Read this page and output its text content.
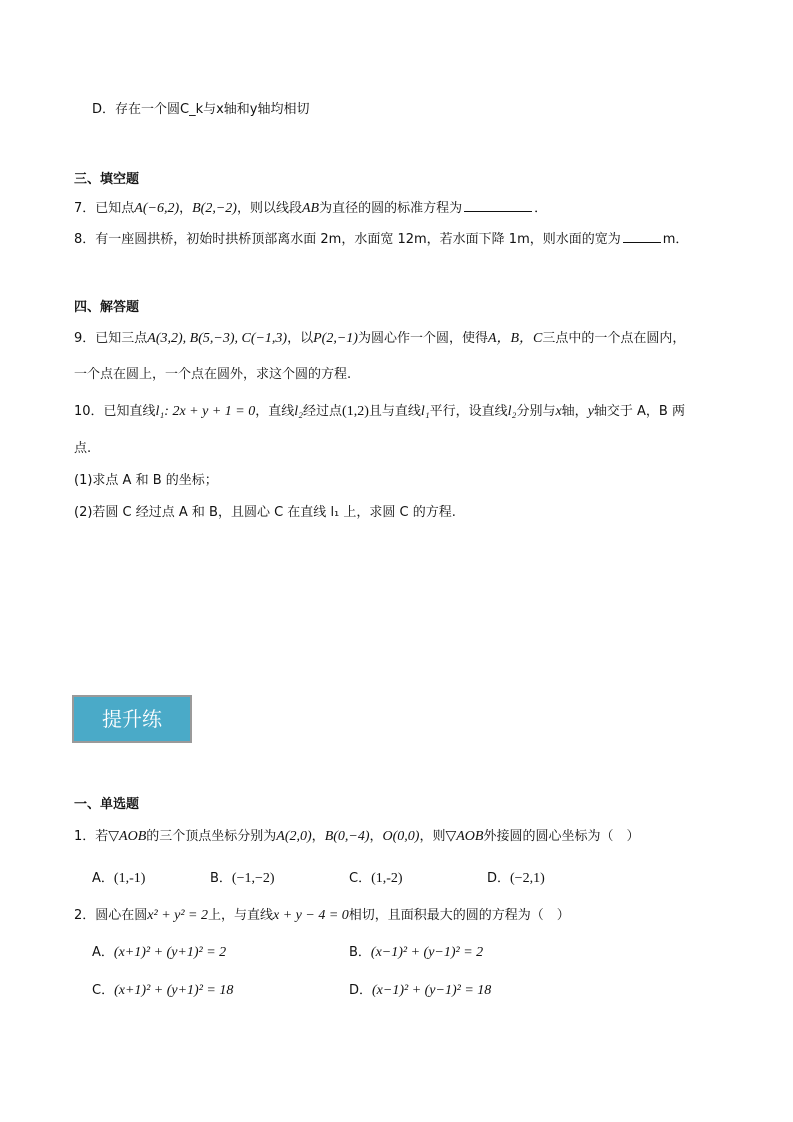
D．存在一个圆C_k与x轴和y轴均相切
三、填空题
7．已知点A(−6,2)，B(2,−2)，则以线段AB为直径的圆的标准方程为	．
8．有一座圆拱桥，初始时拱桥顶部离水面 2m，水面宽 12m，若水面下降 1m，则水面的宽为	m．
四、解答题
9．已知三点A(3,2), B(5,−3), C(−1,3)，以P(2,−1)为圆心作一个圆，使得A，B，C三点中的一个点在圆内，
一个点在圆上，一个点在圆外，求这个圆的方程.
10．已知直线l₁: 2x + y + 1 = 0，直线l₂经过点(1,2)且与直线l₁平行，设直线l₂分别与x轴，y轴交于 A，B 两
点.
(1)求点 A 和 B 的坐标；
(2)若圆 C 经过点 A 和 B，且圆心 C 在直线 l₁ 上，求圆 C 的方程.
提升练
一、单选题
1．若▽AOB的三个顶点坐标分别为A(2,0)，B(0,−4)，O(0,0)，则▽AOB外接圆的圆心坐标为（　）
A．(1,‑1)	B．(−1,−2)	C．(1,‑2)	D．(−2,1)
2．圆心在圆x² + y² = 2上，与直线x + y − 4 = 0相切，且面积最大的圆的方程为（　）
A．(x+1)² + (y+1)² = 2	B．(x−1)² + (y−1)² = 2
C．(x+1)² + (y+1)² = 18	D．(x−1)² + (y−1)² = 18
